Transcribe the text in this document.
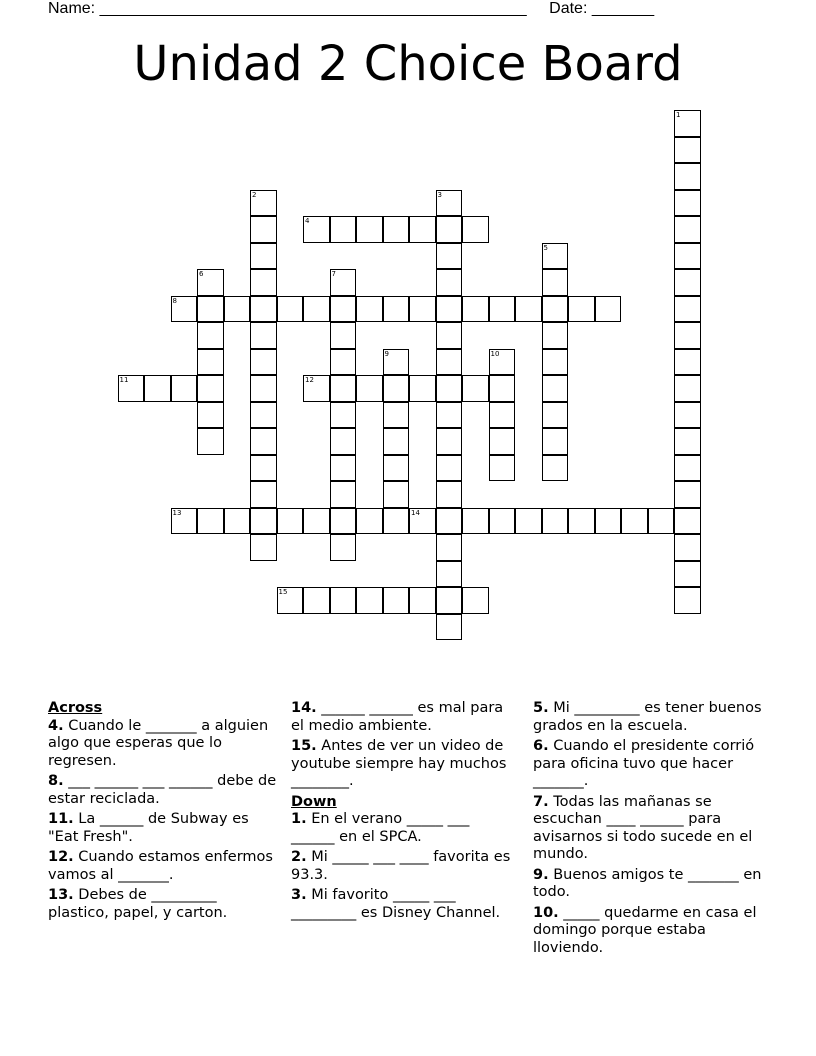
Name: ________________________________________________ Date: _______
Unidad 2 Choice Board
1
2	3
4
5
6	7
8
9	10
11	12
13	14
15
Across

4. Cuando le _______ a alguien algo que esperas que lo regresen.

8. ___ ______ ___ ______ debe de estar reciclada.

11. La ______ de Subway es "Eat Fresh".

12. Cuando estamos enfermos vamos al _______.

13. Debes de _________ plastico, papel, y carton.

14. ______ ______ es mal para el medio ambiente.

15. Antes de ver un video de youtube siempre hay muchos ________.

Down

1. En el verano _____ ___ ______ en el SPCA.

2. Mi _____ ___ ____ favorita es 93.3.

3. Mi favorito _____ ___ _________ es Disney Channel.

5. Mi _________ es tener buenos grados en la escuela.

6. Cuando el presidente corrió para oficina tuvo que hacer _______.

7. Todas las mañanas se escuchan ____ ______ para avisarnos si todo sucede en el mundo.

9. Buenos amigos te _______ en todo.

10. _____ quedarme en casa el domingo porque estaba lloviendo.
